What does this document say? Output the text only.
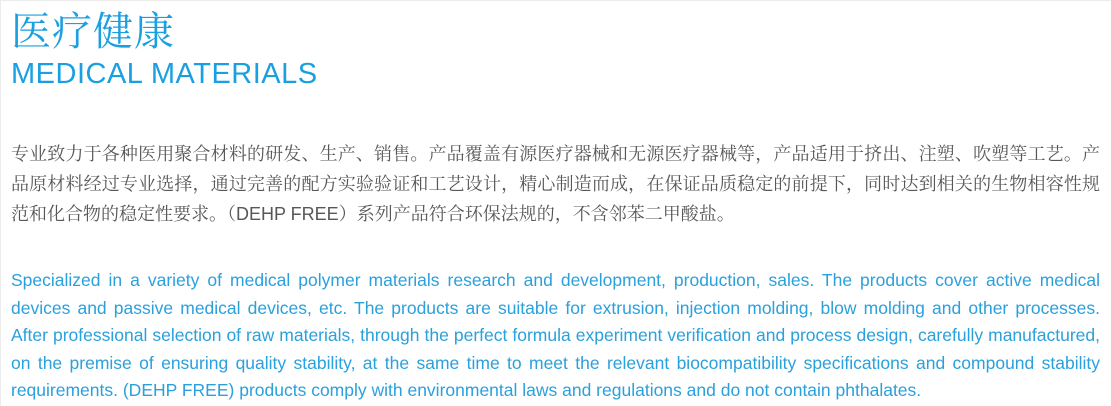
医疗健康
MEDICAL MATERIALS

专业致力于各种医用聚合材料的研发、生产、销售。产品覆盖有源医疗器械和无源医疗器械等，产品适用于挤出、注塑、吹塑等工艺。产品原材料经过专业选择，通过完善的配方实验验证和工艺设计，精心制造而成，在保证品质稳定的前提下，同时达到相关的生物相容性规范和化合物的稳定性要求。（DEHP FREE）系列产品符合环保法规的，不含邻苯二甲酸盐。

Specialized in a variety of medical polymer materials research and development, production, sales. The products cover active medical devices and passive medical devices, etc. The products are suitable for extrusion, injection molding, blow molding and other processes. After professional selection of raw materials, through the perfect formula experiment verification and process design, carefully manufactured, on the premise of ensuring quality stability, at the same time to meet the relevant biocompatibility specifications and compound stability requirements. (DEHP FREE) products comply with environmental laws and regulations and do not contain phthalates.
